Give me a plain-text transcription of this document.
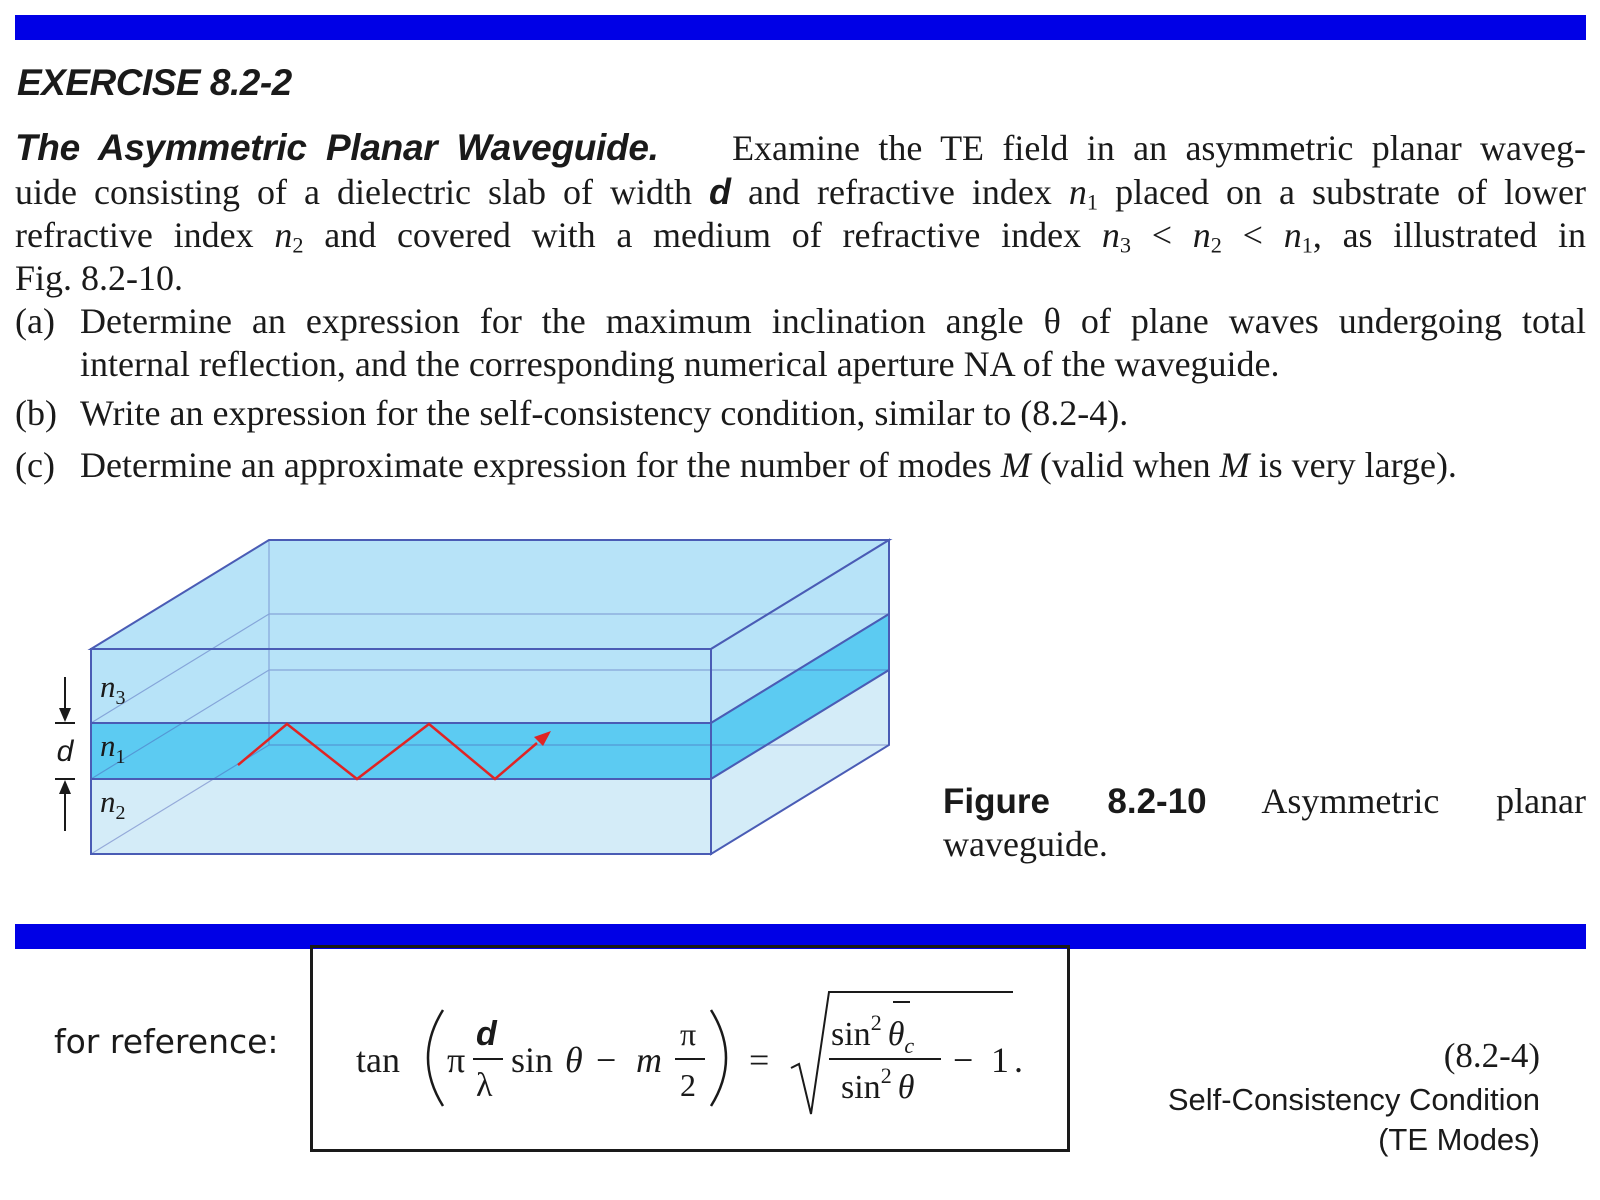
EXERCISE 8.2-2
The Asymmetric Planar Waveguide. Examine the TE field in an asymmetric planar waveg-
uide consisting of a dielectric slab of width d and refractive index $n_1$ placed on a substrate of lower
refractive index $n_2$ and covered with a medium of refractive index $n_3 < n_2 < n_1$, as illustrated in
Fig. 8.2-10.
(a) Determine an expression for the maximum inclination angle θ of plane waves undergoing total
internal reflection, and the corresponding numerical aperture NA of the waveguide.
(b) Write an expression for the self-consistency condition, similar to (8.2-4).
(c) Determine an approximate expression for the number of modes M (valid when M is very large).
d
$n_3$
$n_1$
$n_2$	Figure 8.2-10 Asymmetric planar
waveguide.
for reference: tan π
d
λ
sin θ − m
π
2
=
$\sin^2 \theta_c$
$\sin^2 \theta$
− 1 .	(8.2-4)
Self-Consistency Condition
(TE Modes)
